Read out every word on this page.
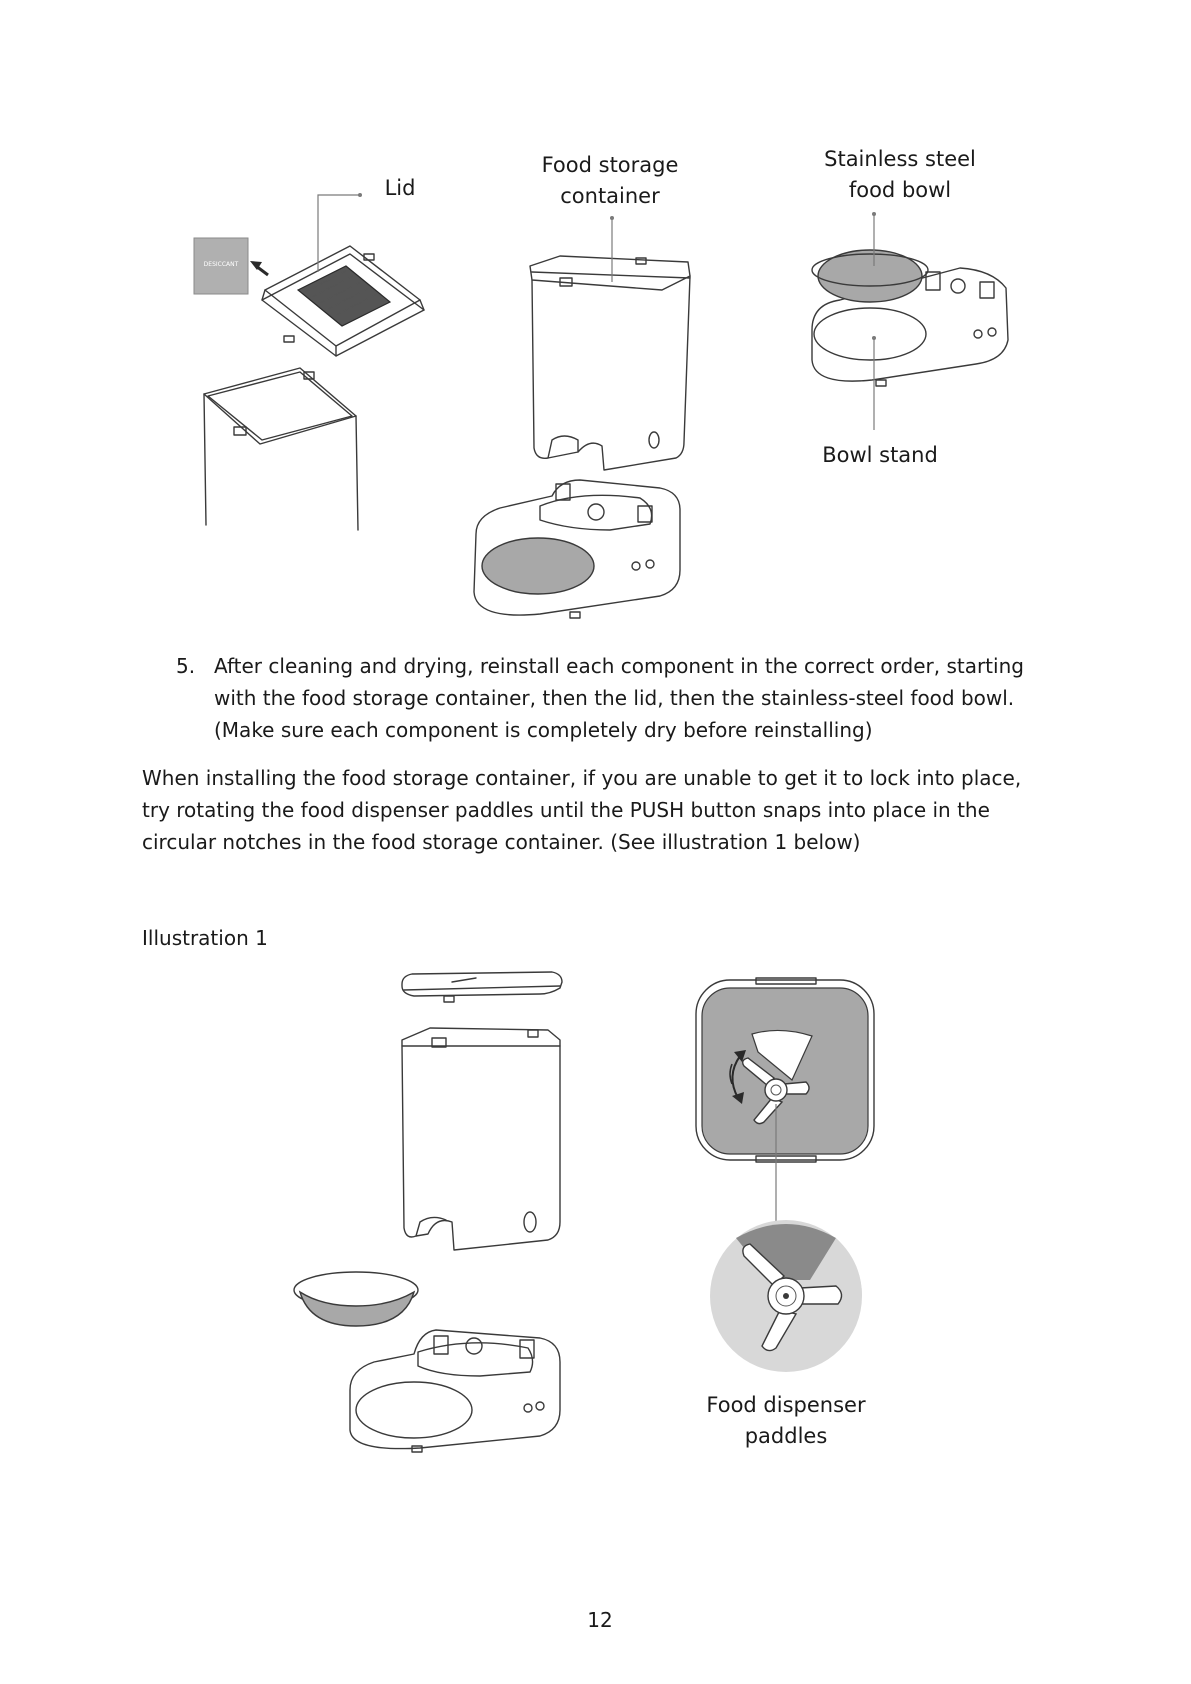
DESICCANT
Lid
Food storage container
Stainless steel food bowl
Bowl stand
5. After cleaning and drying, reinstall each component in the correct order, starting with the food storage container, then the lid, then the stainless-steel food bowl. (Make sure each component is completely dry before reinstalling)
When installing the food storage container, if you are unable to get it to lock into place, try rotating the food dispenser paddles until the PUSH button snaps into place in the circular notches in the food storage container. (See illustration 1 below)
Illustration 1
Food dispenser paddles
12
